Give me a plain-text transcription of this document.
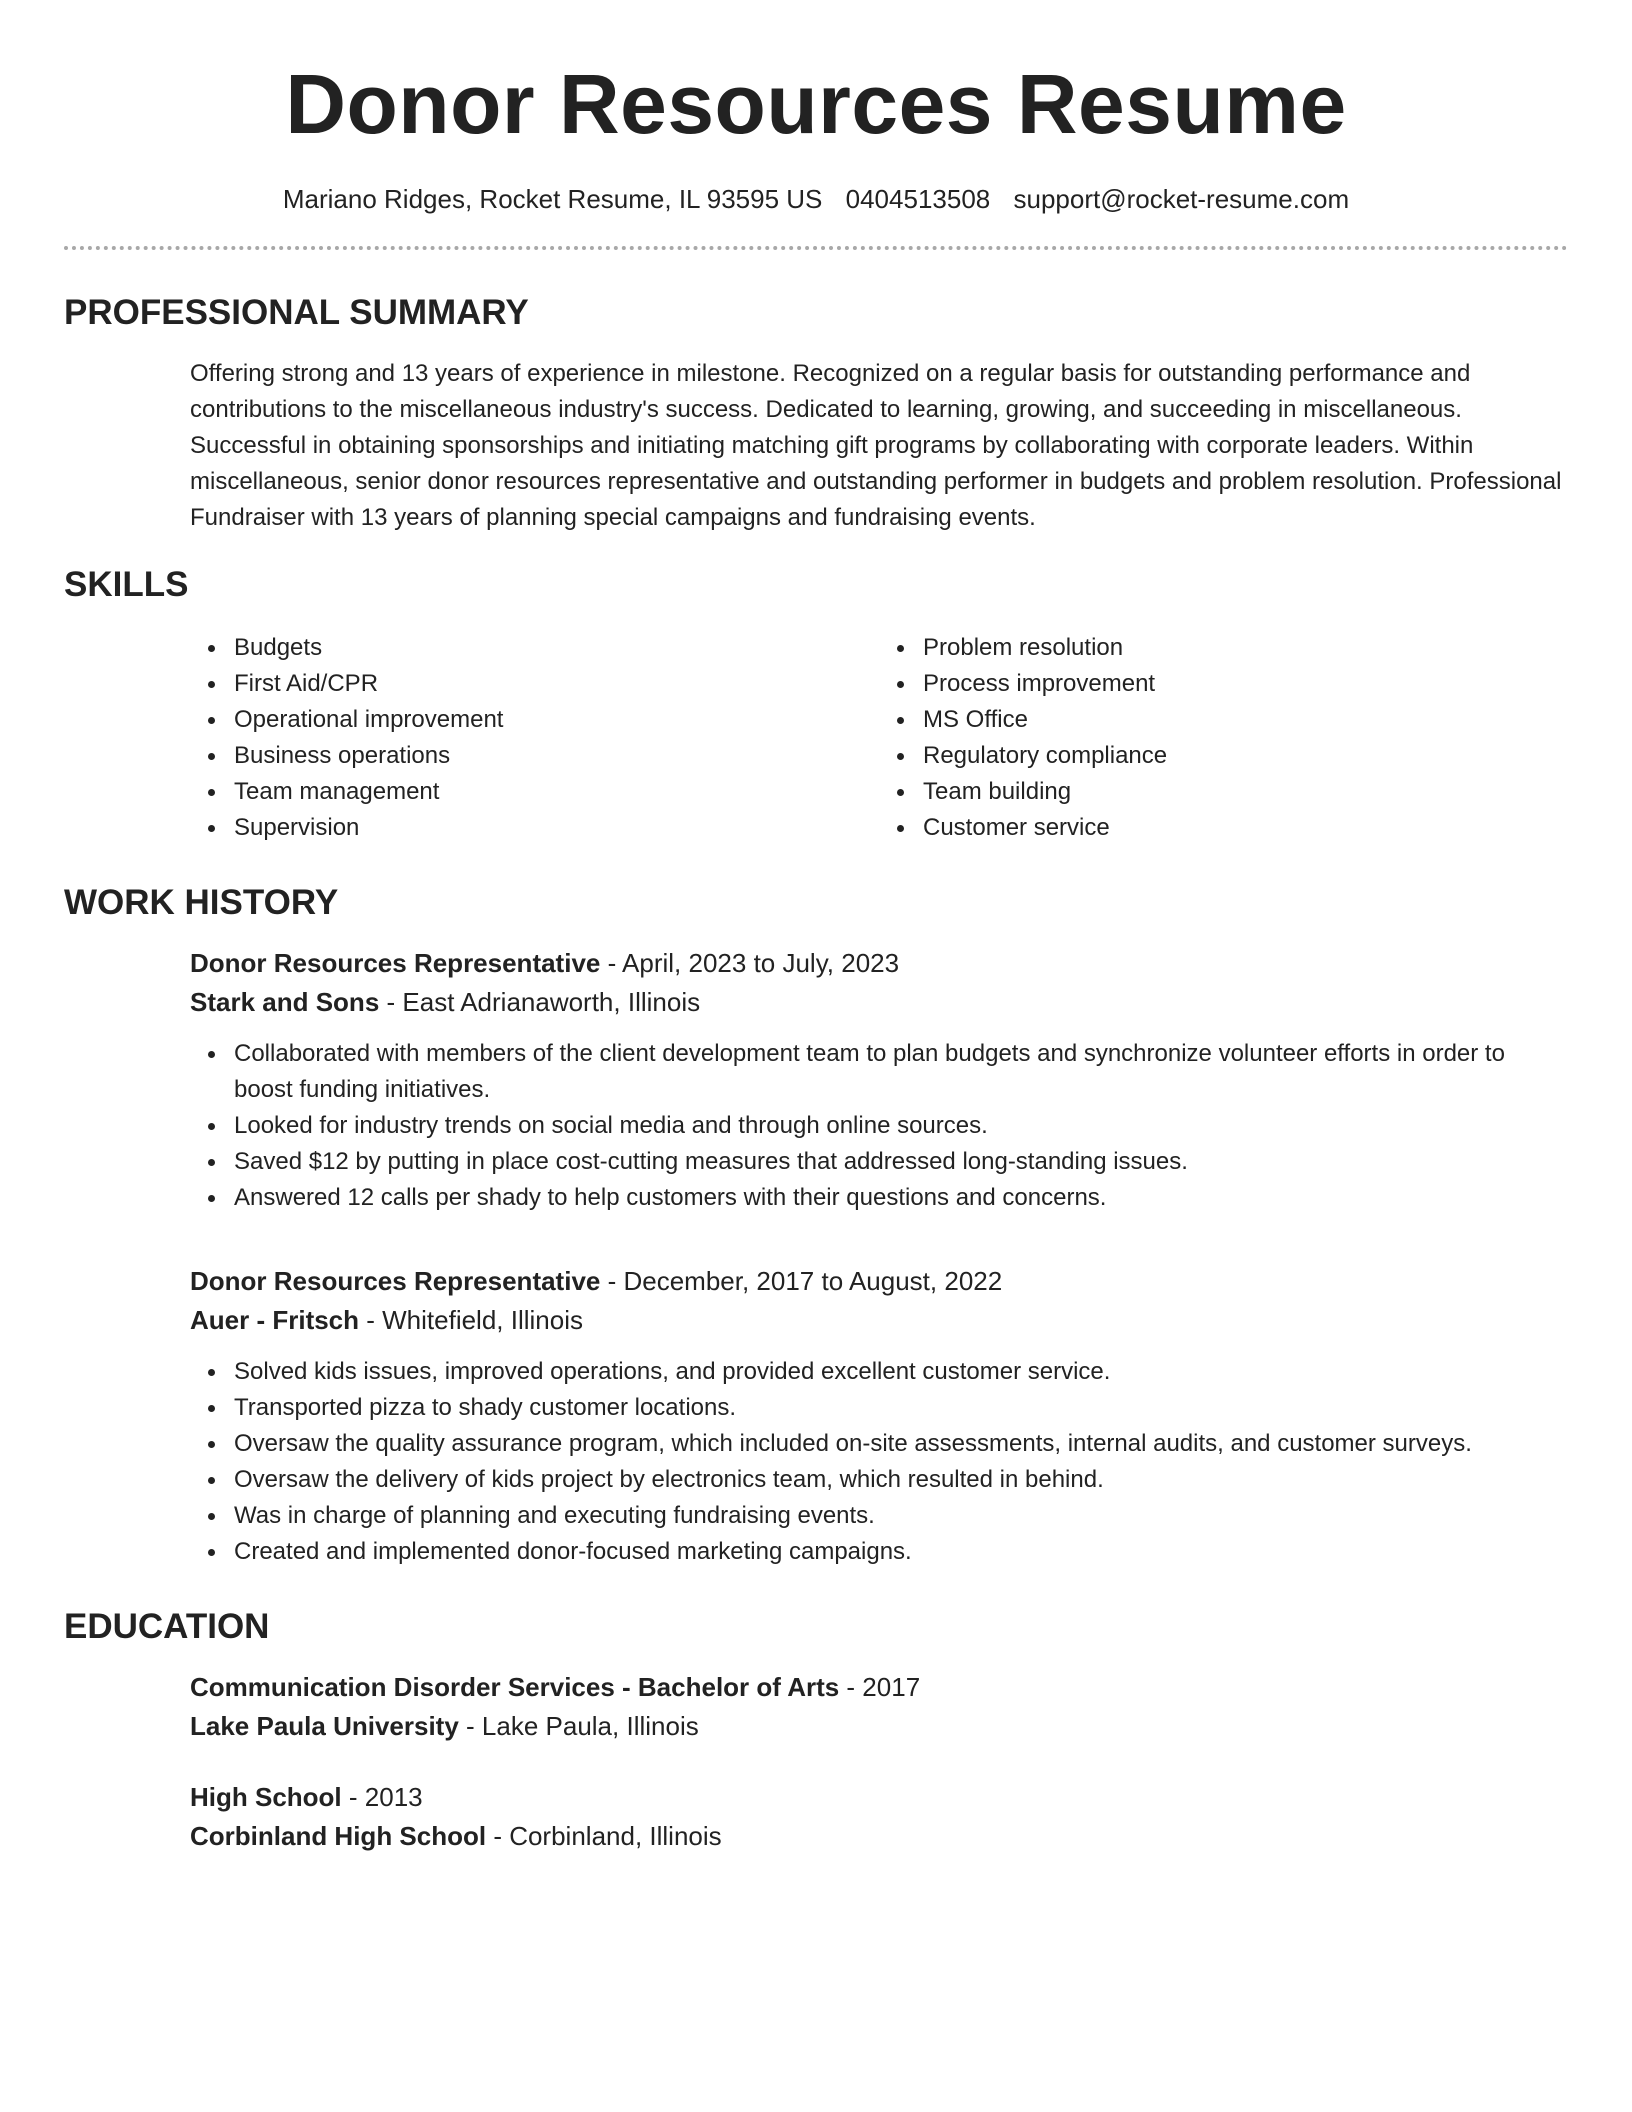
Donor Resources Resume
Mariano Ridges, Rocket Resume, IL 93595 US 0404513508 support@rocket-resume.com
PROFESSIONAL SUMMARY
Offering strong and 13 years of experience in milestone. Recognized on a regular basis for outstanding performance and contributions to the miscellaneous industry's success. Dedicated to learning, growing, and succeeding in miscellaneous. Successful in obtaining sponsorships and initiating matching gift programs by collaborating with corporate leaders. Within miscellaneous, senior donor resources representative and outstanding performer in budgets and problem resolution. Professional Fundraiser with 13 years of planning special campaigns and fundraising events.
SKILLS
Budgets
First Aid/CPR
Operational improvement
Business operations
Team management
Supervision
Problem resolution
Process improvement
MS Office
Regulatory compliance
Team building
Customer service
WORK HISTORY
Donor Resources Representative - April, 2023 to July, 2023
Stark and Sons - East Adrianaworth, Illinois
Collaborated with members of the client development team to plan budgets and synchronize volunteer efforts in order to boost funding initiatives.
Looked for industry trends on social media and through online sources.
Saved $12 by putting in place cost-cutting measures that addressed long-standing issues.
Answered 12 calls per shady to help customers with their questions and concerns.
Donor Resources Representative - December, 2017 to August, 2022
Auer - Fritsch - Whitefield, Illinois
Solved kids issues, improved operations, and provided excellent customer service.
Transported pizza to shady customer locations.
Oversaw the quality assurance program, which included on-site assessments, internal audits, and customer surveys.
Oversaw the delivery of kids project by electronics team, which resulted in behind.
Was in charge of planning and executing fundraising events.
Created and implemented donor-focused marketing campaigns.
EDUCATION
Communication Disorder Services - Bachelor of Arts - 2017
Lake Paula University - Lake Paula, Illinois
High School - 2013
Corbinland High School - Corbinland, Illinois
